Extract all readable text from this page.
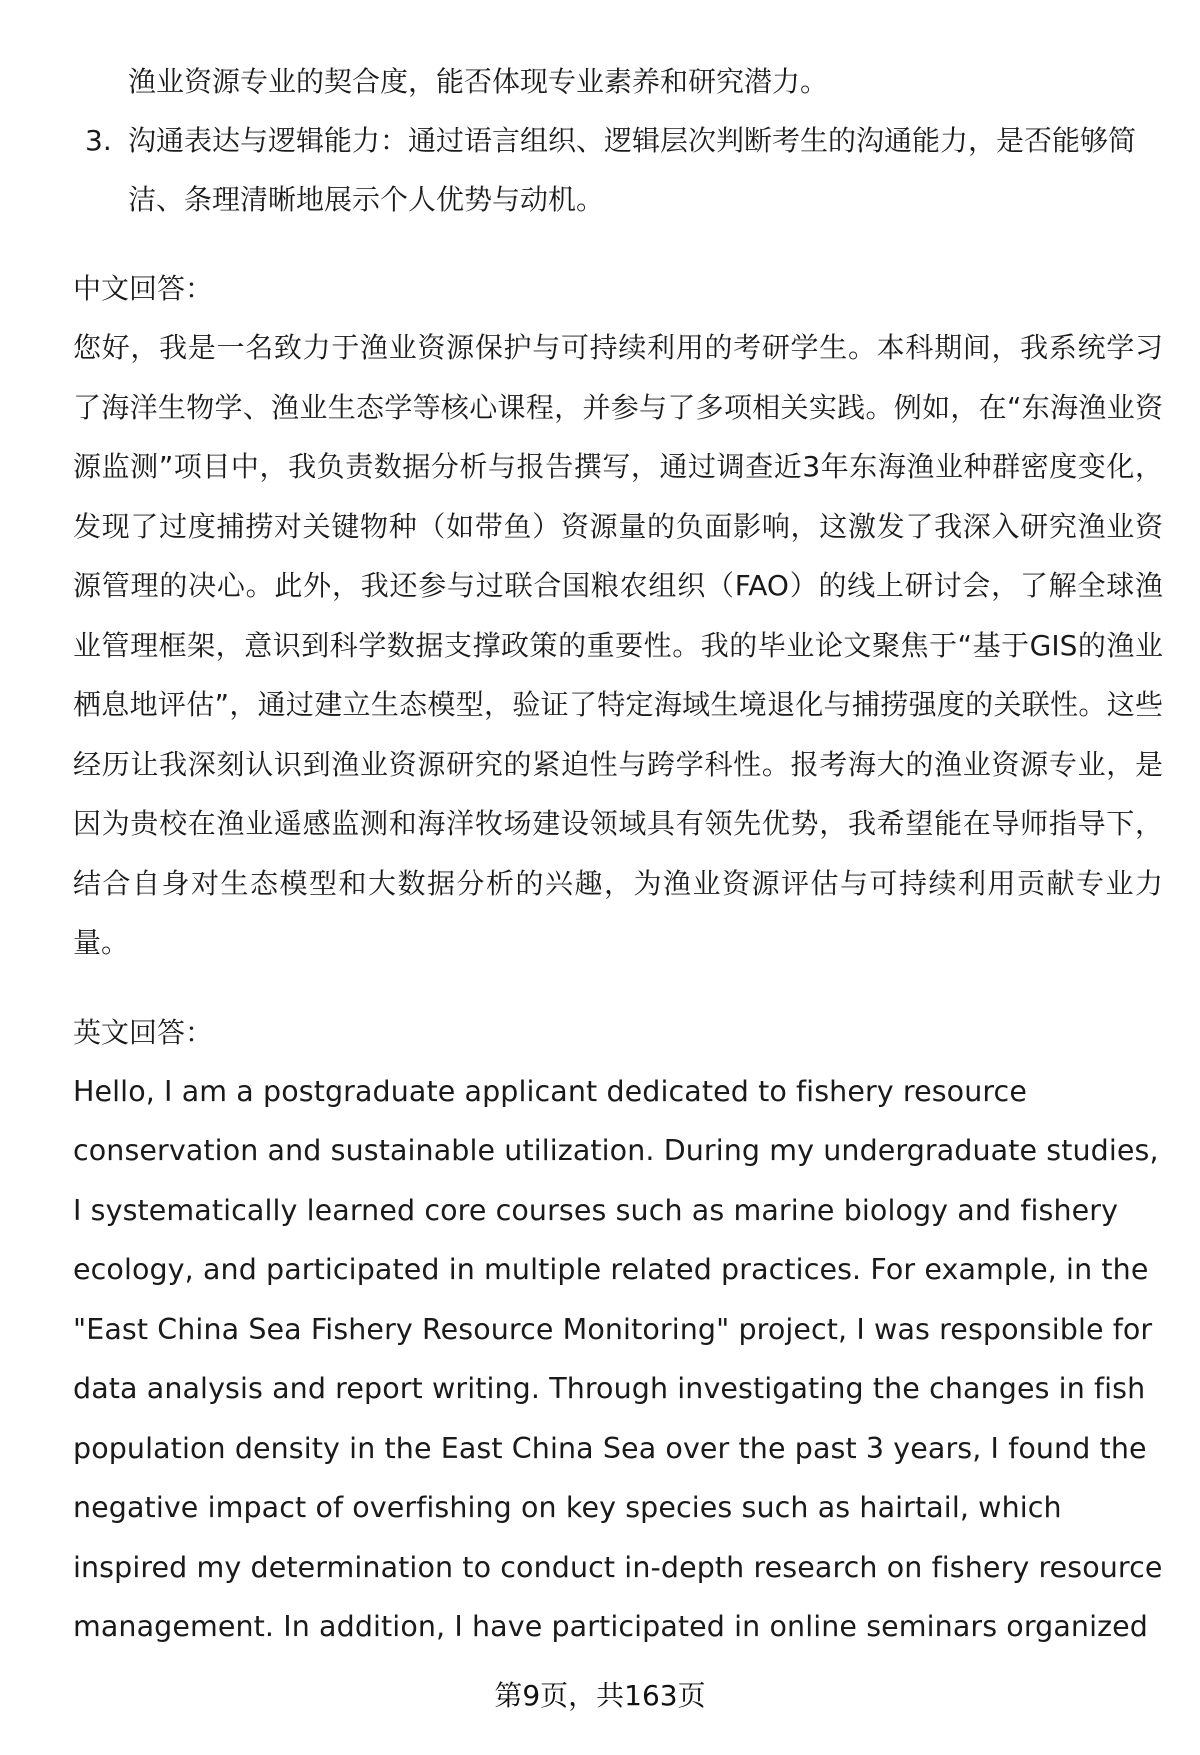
渔业资源专业的契合度，能否体现专业素养和研究潜力。

3. 沟通表达与逻辑能力：通过语言组织、逻辑层次判断考生的沟通能力，是否能够简洁、条理清晰地展示个人优势与动机。

中文回答：

您好，我是一名致力于渔业资源保护与可持续利用的考研学生。本科期间，我系统学习了海洋生物学、渔业生态学等核心课程，并参与了多项相关实践。例如，在“东海渔业资源监测”项目中，我负责数据分析与报告撰写，通过调查近3年东海渔业种群密度变化，发现了过度捕捞对关键物种（如带鱼）资源量的负面影响，这激发了我深入研究渔业资源管理的决心。此外，我还参与过联合国粮农组织（FAO）的线上研讨会，了解全球渔业管理框架，意识到科学数据支撑政策的重要性。我的毕业论文聚焦于“基于GIS的渔业栖息地评估”，通过建立生态模型，验证了特定海域生境退化与捕捞强度的关联性。这些经历让我深刻认识到渔业资源研究的紧迫性与跨学科性。报考海大的渔业资源专业，是因为贵校在渔业遥感监测和海洋牧场建设领域具有领先优势，我希望能在导师指导下，结合自身对生态模型和大数据分析的兴趣，为渔业资源评估与可持续利用贡献专业力量。

英文回答：

Hello, I am a postgraduate applicant dedicated to fishery resource conservation and sustainable utilization. During my undergraduate studies, I systematically learned core courses such as marine biology and fishery ecology, and participated in multiple related practices. For example, in the "East China Sea Fishery Resource Monitoring" project, I was responsible for data analysis and report writing. Through investigating the changes in fish population density in the East China Sea over the past 3 years, I found the negative impact of overfishing on key species such as hairtail, which inspired my determination to conduct in-depth research on fishery resource management. In addition, I have participated in online seminars organized

第9页，共163页
